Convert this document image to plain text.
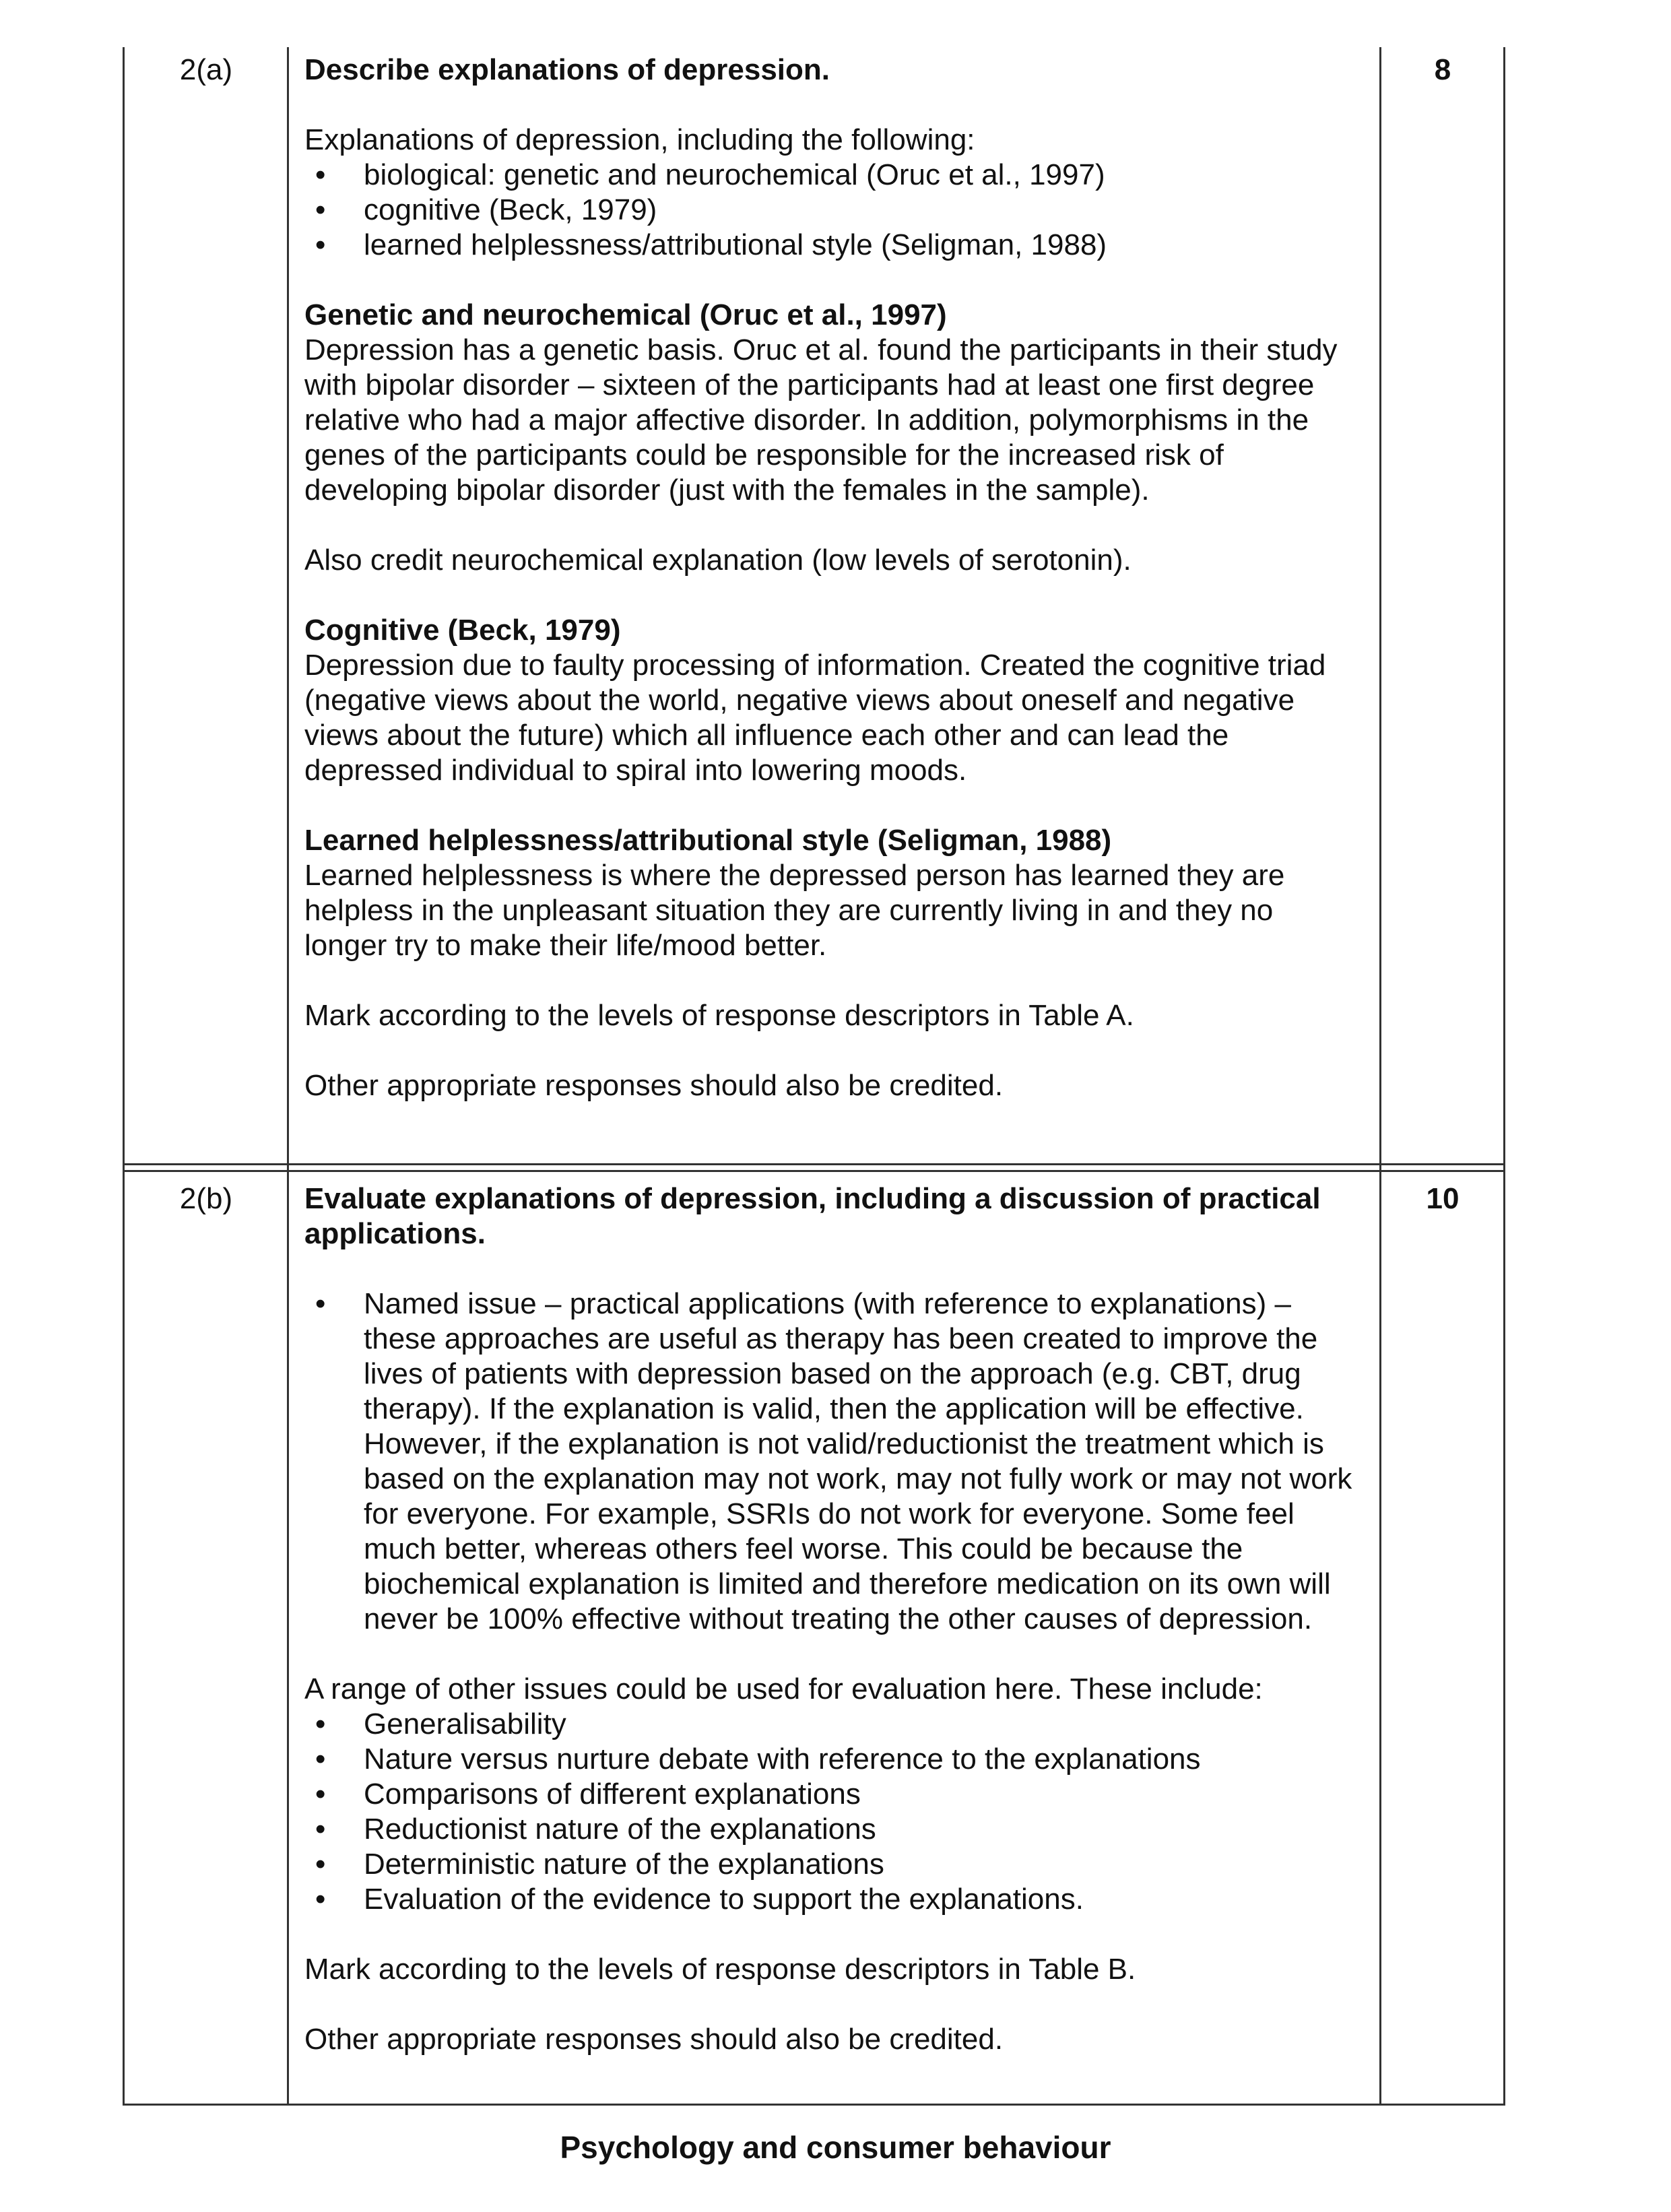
2(a)	8

Describe explanations of depression.

Explanations of depression, including the following:

• biological: genetic and neurochemical (Oruc et al., 1997)
• cognitive (Beck, 1979)
• learned helplessness/attributional style (Seligman, 1988)

Genetic and neurochemical (Oruc et al., 1997)

Depression has a genetic basis. Oruc et al. found the participants in their study with bipolar disorder – sixteen of the participants had at least one first degree relative who had a major affective disorder. In addition, polymorphisms in the genes of the participants could be responsible for the increased risk of developing bipolar disorder (just with the females in the sample).

Also credit neurochemical explanation (low levels of serotonin).

Cognitive (Beck, 1979)

Depression due to faulty processing of information. Created the cognitive triad (negative views about the world, negative views about oneself and negative views about the future) which all influence each other and can lead the depressed individual to spiral into lowering moods.

Learned helplessness/attributional style (Seligman, 1988)

Learned helplessness is where the depressed person has learned they are helpless in the unpleasant situation they are currently living in and they no longer try to make their life/mood better.

Mark according to the levels of response descriptors in Table A.

Other appropriate responses should also be credited.

2(b)	10

Evaluate explanations of depression, including a discussion of practical applications.

• Named issue – practical applications (with reference to explanations) – these approaches are useful as therapy has been created to improve the lives of patients with depression based on the approach (e.g. CBT, drug therapy). If the explanation is valid, then the application will be effective. However, if the explanation is not valid/reductionist the treatment which is based on the explanation may not work, may not fully work or may not work for everyone. For example, SSRIs do not work for everyone. Some feel much better, whereas others feel worse. This could be because the biochemical explanation is limited and therefore medication on its own will never be 100% effective without treating the other causes of depression.

A range of other issues could be used for evaluation here. These include:

• Generalisability
• Nature versus nurture debate with reference to the explanations
• Comparisons of different explanations
• Reductionist nature of the explanations
• Deterministic nature of the explanations
• Evaluation of the evidence to support the explanations.

Mark according to the levels of response descriptors in Table B.

Other appropriate responses should also be credited.

Psychology and consumer behaviour
